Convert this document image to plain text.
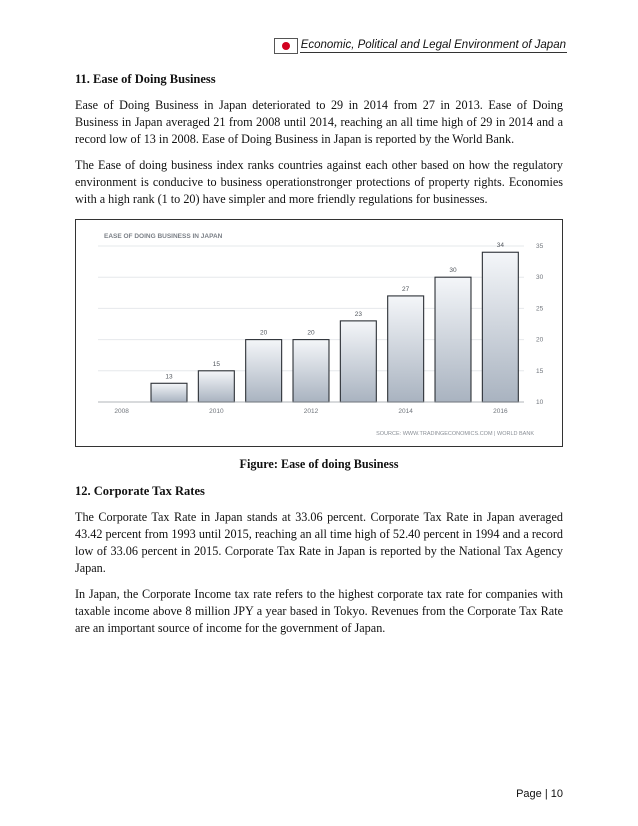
Economic, Political and Legal Environment of Japan
11. Ease of Doing Business

Ease of Doing Business in Japan deteriorated to 29 in 2014 from 27 in 2013. Ease of Doing Business in Japan averaged 21 from 2008 until 2014, reaching an all time high of 29 in 2014 and a record low of 13 in 2008. Ease of Doing Business in Japan is reported by the World Bank.

The Ease of doing business index ranks countries against each other based on how the regulatory environment is conducive to business operationstronger protections of property rights. Economies with a high rank (1 to 20) have simpler and more friendly regulations for businesses.

EASE OF DOING BUSINESS IN JAPAN
SOURCE: WWW.TRADINGECONOMICS.COM | WORLD BANK
10
15
20
25
30
35
13
15
20	20
23
27
30
34
2008	2010	2012	2014	2016
Figure: Ease of doing Business
12. Corporate Tax Rates

The Corporate Tax Rate in Japan stands at 33.06 percent. Corporate Tax Rate in Japan averaged 43.42 percent from 1993 until 2015, reaching an all time high of 52.40 percent in 1994 and a record low of 33.06 percent in 2015. Corporate Tax Rate in Japan is reported by the National Tax Agency Japan.

In Japan, the Corporate Income tax rate refers to the highest corporate tax rate for companies with taxable income above 8 million JPY a year based in Tokyo. Revenues from the Corporate Tax Rate are an important source of income for the government of Japan.

Page | 10
